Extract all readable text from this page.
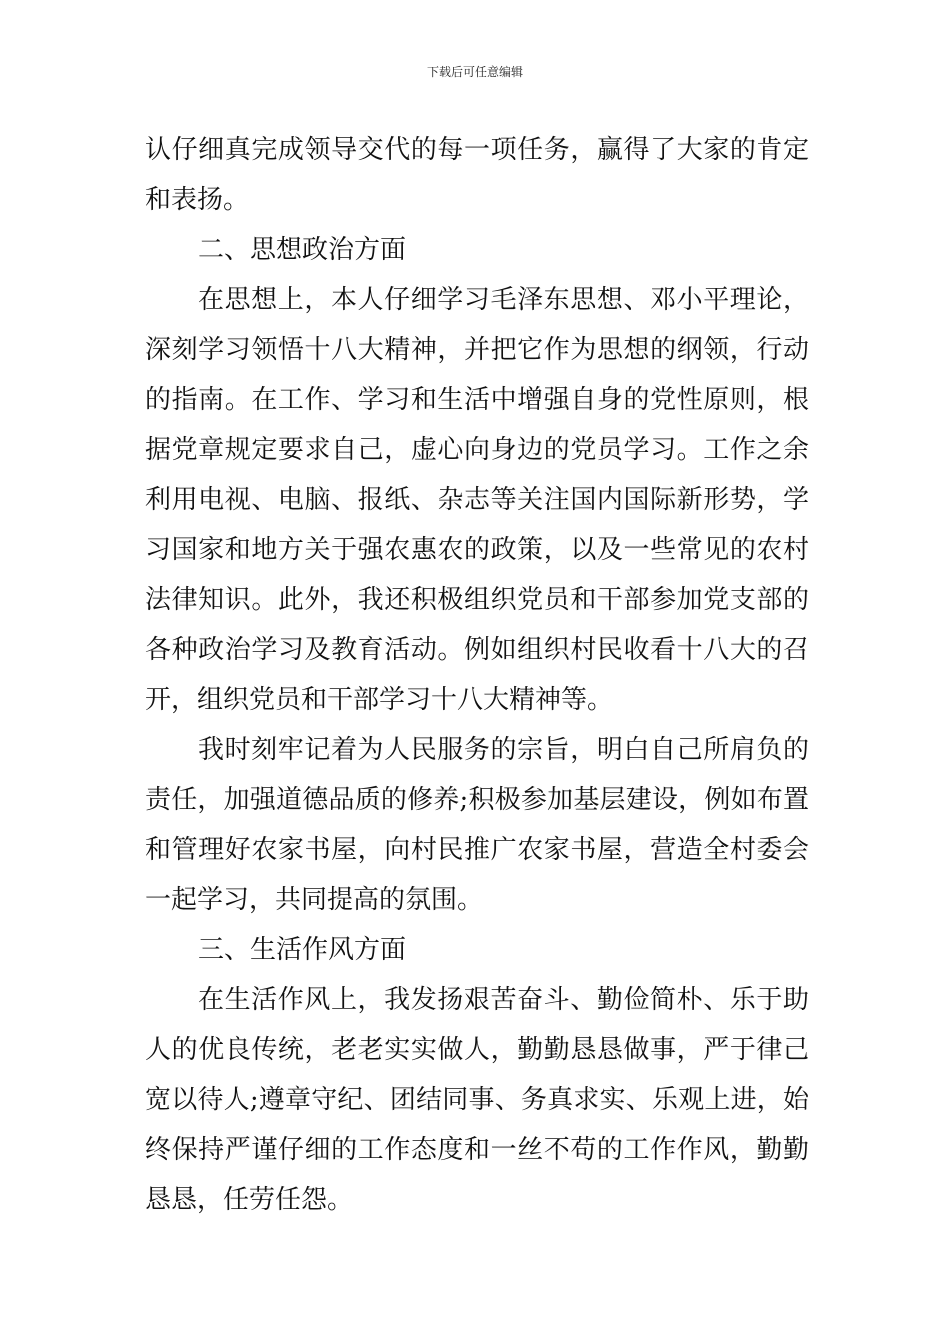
下载后可任意编辑
认仔细真完成领导交代的每一项任务，赢得了大家的肯定
和表扬。
二、思想政治方面
在思想上，本人仔细学习毛泽东思想、邓小平理论，
深刻学习领悟十八大精神，并把它作为思想的纲领，行动
的指南。在工作、学习和生活中增强自身的党性原则，根
据党章规定要求自己，虚心向身边的党员学习。工作之余
利用电视、电脑、报纸、杂志等关注国内国际新形势，学
习国家和地方关于强农惠农的政策，以及一些常见的农村
法律知识。此外，我还积极组织党员和干部参加党支部的
各种政治学习及教育活动。例如组织村民收看十八大的召
开，组织党员和干部学习十八大精神等。
我时刻牢记着为人民服务的宗旨，明白自己所肩负的
责任，加强道德品质的修养;积极参加基层建设，例如布置
和管理好农家书屋，向村民推广农家书屋，营造全村委会
一起学习，共同提高的氛围。
三、生活作风方面
在生活作风上，我发扬艰苦奋斗、勤俭简朴、乐于助
人的优良传统，老老实实做人，勤勤恳恳做事，严于律己
宽以待人;遵章守纪、团结同事、务真求实、乐观上进，始
终保持严谨仔细的工作态度和一丝不苟的工作作风，勤勤
恳恳，任劳任怨。
